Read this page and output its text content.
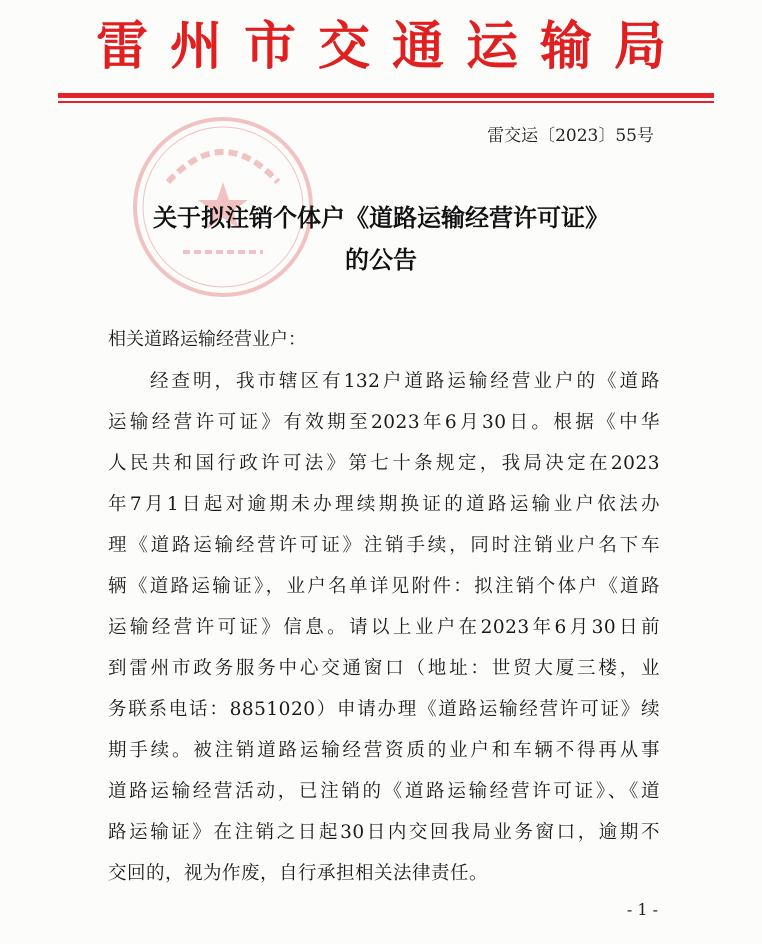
雷州市交通运输局
雷交运〔2023〕55号
关于拟注销个体户《道路运输经营许可证》
的公告
相关道路运输经营业户：
经查明，我市辖区有132户道路运输经营业户的《道路
运输经营许可证》有效期至2023年6月30日。根据《中华
人民共和国行政许可法》第七十条规定，我局决定在2023
年7月1日起对逾期未办理续期换证的道路运输业户依法办
理《道路运输经营许可证》注销手续，同时注销业户名下车
辆《道路运输证》，业户名单详见附件：拟注销个体户《道路
运输经营许可证》信息。请以上业户在2023年6月30日前
到雷州市政务服务中心交通窗口（地址：世贸大厦三楼，业
务联系电话：8851020）申请办理《道路运输经营许可证》续
期手续。被注销道路运输经营资质的业户和车辆不得再从事
道路运输经营活动，已注销的《道路运输经营许可证》、《道
路运输证》在注销之日起30日内交回我局业务窗口，逾期不
交回的，视为作废，自行承担相关法律责任。
- 1 -
